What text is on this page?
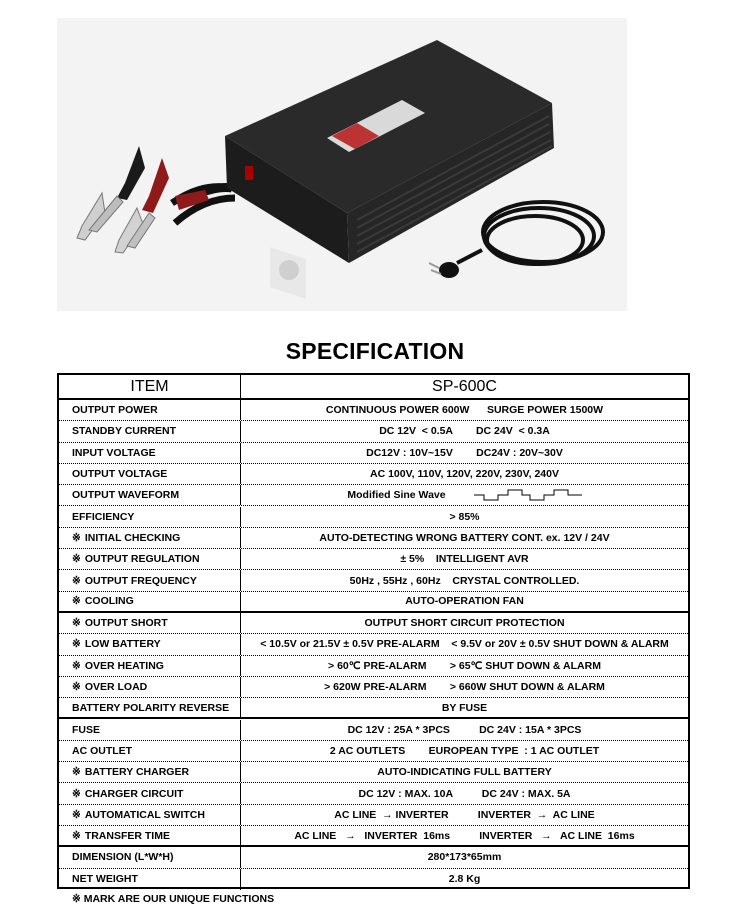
SPECIFICATION
ITEM	SP-600C
OUTPUT POWER	CONTINUOUS POWER 600W      SURGE POWER 1500W
STANDBY CURRENT	DC 12V  < 0.5A        DC 24V  < 0.3A
INPUT VOLTAGE	DC12V : 10V~15V        DC24V : 20V~30V
OUTPUT VOLTAGE	AC 100V, 110V, 120V, 220V, 230V, 240V
OUTPUT WAVEFORM	Modified Sine Wave
EFFICIENCY	> 85%
※ INITIAL CHECKING	AUTO-DETECTING WRONG BATTERY CONT. ex. 12V / 24V
※ OUTPUT REGULATION	± 5%    INTELLIGENT AVR
※ OUTPUT FREQUENCY	50Hz , 55Hz , 60Hz    CRYSTAL CONTROLLED.
※ COOLING	AUTO-OPERATION FAN
※ OUTPUT SHORT	OUTPUT SHORT CIRCUIT PROTECTION
※ LOW BATTERY	< 10.5V or 21.5V ± 0.5V PRE-ALARM    < 9.5V or 20V ± 0.5V SHUT DOWN & ALARM
※ OVER HEATING	> 60℃ PRE-ALARM        > 65℃ SHUT DOWN & ALARM
※ OVER LOAD	> 620W PRE-ALARM        > 660W SHUT DOWN & ALARM
BATTERY POLARITY REVERSE	BY FUSE
FUSE	DC 12V : 25A * 3PCS          DC 24V : 15A * 3PCS
AC OUTLET	2 AC OUTLETS        EUROPEAN TYPE  : 1 AC OUTLET
※ BATTERY CHARGER	AUTO-INDICATING FULL BATTERY
※ CHARGER CIRCUIT	DC 12V : MAX. 10A          DC 24V : MAX. 5A
※ AUTOMATICAL SWITCH	AC LINE  → INVERTER          INVERTER  →  AC LINE
※ TRANSFER TIME	AC LINE   →   INVERTER  16ms          INVERTER   →   AC LINE  16ms
DIMENSION (L*W*H)	280*173*65mm
NET WEIGHT	2.8 Kg
※ MARK ARE OUR UNIQUE FUNCTIONS
